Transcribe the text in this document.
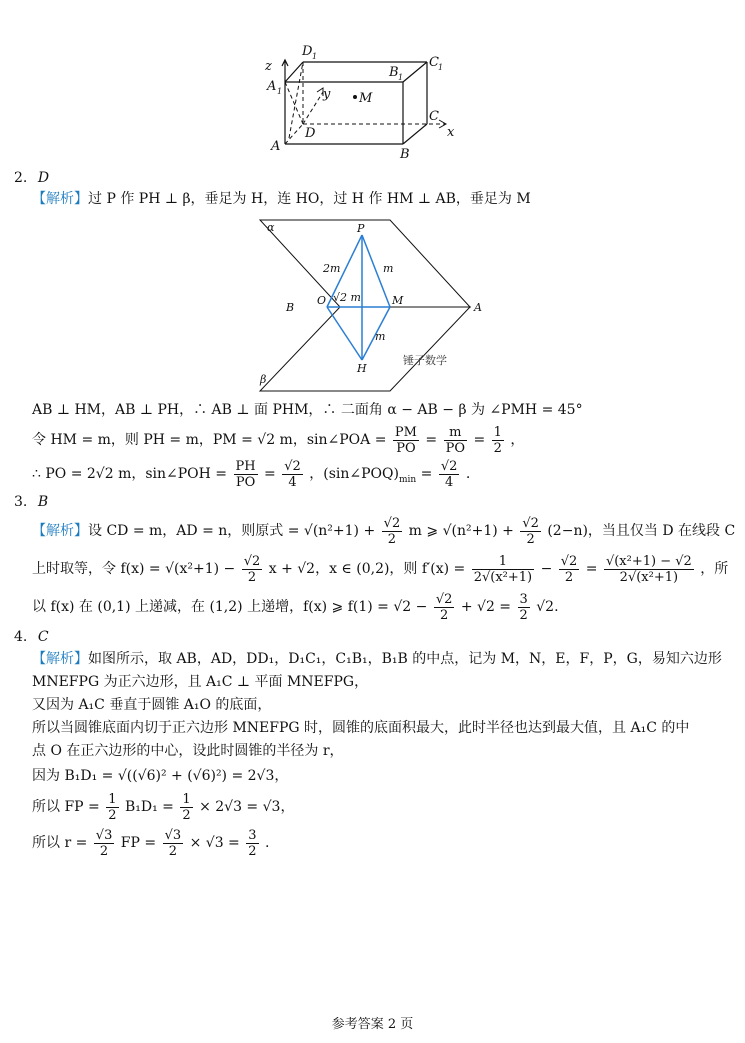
z
A 1
D 1
B 1
C 1
y M
D
C
x
A
B
2. D
【解析】过 P 作 PH ⊥ β，垂足为 H，连 HO，过 H 作 HM ⊥ AB，垂足为 M
α
β
P
B
O	M
A
H
2m	m
m
√2 m
锤子数学
AB ⊥ HM，AB ⊥ PH，∴ AB ⊥ 面 PHM，∴ 二面角 α − AB − β 为 ∠PMH = 45°
令 HM = m，则 PH = m，PM = √2 m，sin∠POA = $\frac{PM}{PO} = \frac{m}{PO} = \frac{1}{2}$ ，
∴ PO = 2√2 m，sin∠POH = $\frac{PH}{PO} = \frac{√2}{4}$ ，$(\sin\angle POQ)_{min} = \frac{√2}{4}$ .
3. B
【解析】设 CD = m，AD = n，则原式 = $√(n^2+1) + \frac{√2}{2}$ m ⩾ $√(n^2+1) + \frac{√2}{2} (2-n)$，当且仅当 D 在线段 C
上时取等，令 $f(x) = √(x^2+1) - \frac{√2}{2}$ x + √2，x ∈ (0,2)，则 $f'(x) = \frac{1}{\text{2√(x²+1)}} - \frac{√2}{2} = \frac{\text{√(x²+1) − √2}}{\text{2√(x²+1)}}$ ，所
以 f(x) 在 (0,1) 上递减，在 (1,2) 上递增，f(x) ⩾ $f(1) = √2 - \frac{√2}{2} + √2 = \frac{3}{2} √2$.
4. C
【解析】如图所示，取 AB，AD，DD₁，D₁C₁，C₁B₁，B₁B 的中点，记为 M，N，E，F，P，G，易知六边形
MNEFPG 为正六边形，且 A₁C ⊥ 平面 MNEFPG，
又因为 A₁C 垂直于圆锥 A₁O 的底面，
所以当圆锥底面内切于正六边形 MNEFPG 时，圆锥的底面积最大，此时半径也达到最大值，且 A₁C 的中
点 O 在正六边形的中心，设此时圆锥的半径为 r，
因为 B₁D₁ = √((√6)² + (√6)²) = 2√3，
所以 FP = $\frac{1}{2} B_1D_1 = \frac{1}{2} \times 2√3 = √3$，
所以 $r = \frac{√3}{2}$ FP = $\frac{√3}{2} \times √3 = \frac{3}{2}$ .
参考答案 2 页
